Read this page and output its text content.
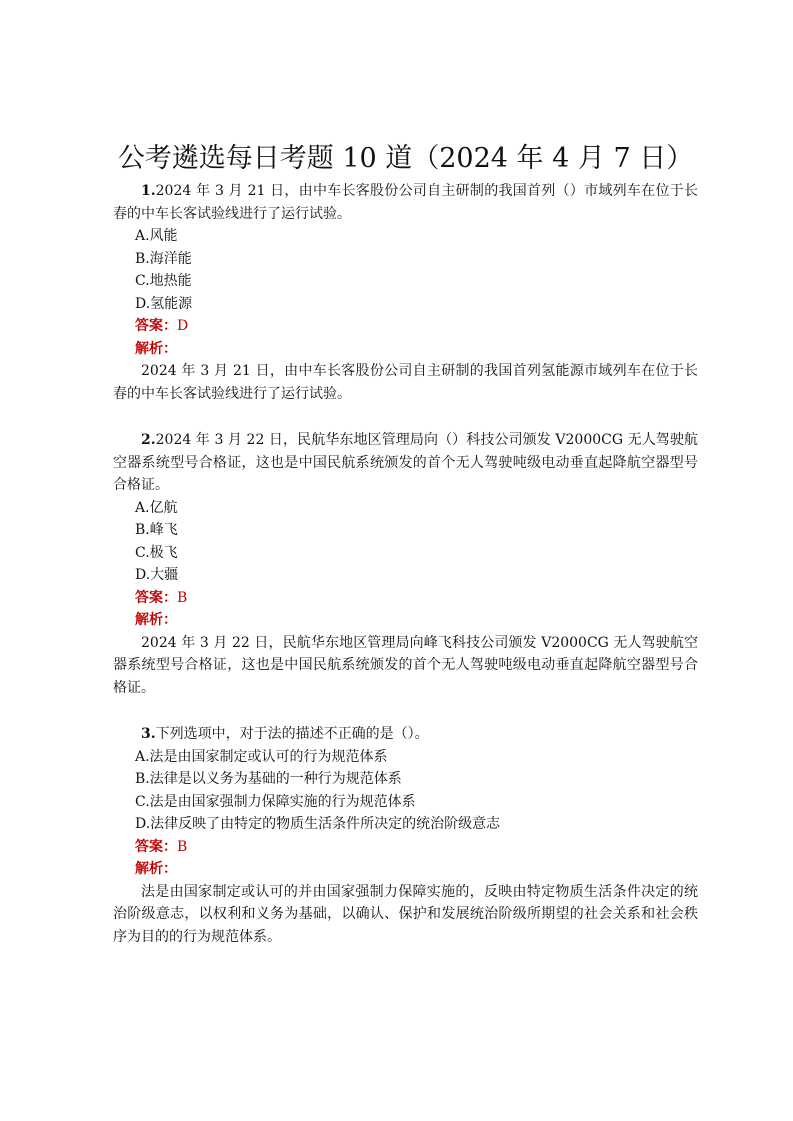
公考遴选每日考题 10 道（2024 年 4 月 7 日）

1.2024 年 3 月 21 日，由中车长客股份公司自主研制的我国首列（）市域列车在位于长春的中车长客试验线进行了运行试验。

A.风能

B.海洋能

C.地热能

D.氢能源

答案：D

解析：

2024 年 3 月 21 日，由中车长客股份公司自主研制的我国首列氢能源市域列车在位于长春的中车长客试验线进行了运行试验。

2.2024 年 3 月 22 日，民航华东地区管理局向（）科技公司颁发 V2000CG 无人驾驶航空器系统型号合格证，这也是中国民航系统颁发的首个无人驾驶吨级电动垂直起降航空器型号合格证。

A.亿航

B.峰飞

C.极飞

D.大疆

答案：B

解析：

2024 年 3 月 22 日，民航华东地区管理局向峰飞科技公司颁发 V2000CG 无人驾驶航空器系统型号合格证，这也是中国民航系统颁发的首个无人驾驶吨级电动垂直起降航空器型号合格证。

3.下列选项中，对于法的描述不正确的是（）。

A.法是由国家制定或认可的行为规范体系

B.法律是以义务为基础的一种行为规范体系

C.法是由国家强制力保障实施的行为规范体系

D.法律反映了由特定的物质生活条件所决定的统治阶级意志

答案：B

解析：

法是由国家制定或认可的并由国家强制力保障实施的，反映由特定物质生活条件决定的统治阶级意志，以权利和义务为基础，以确认、保护和发展统治阶级所期望的社会关系和社会秩序为目的的行为规范体系。
